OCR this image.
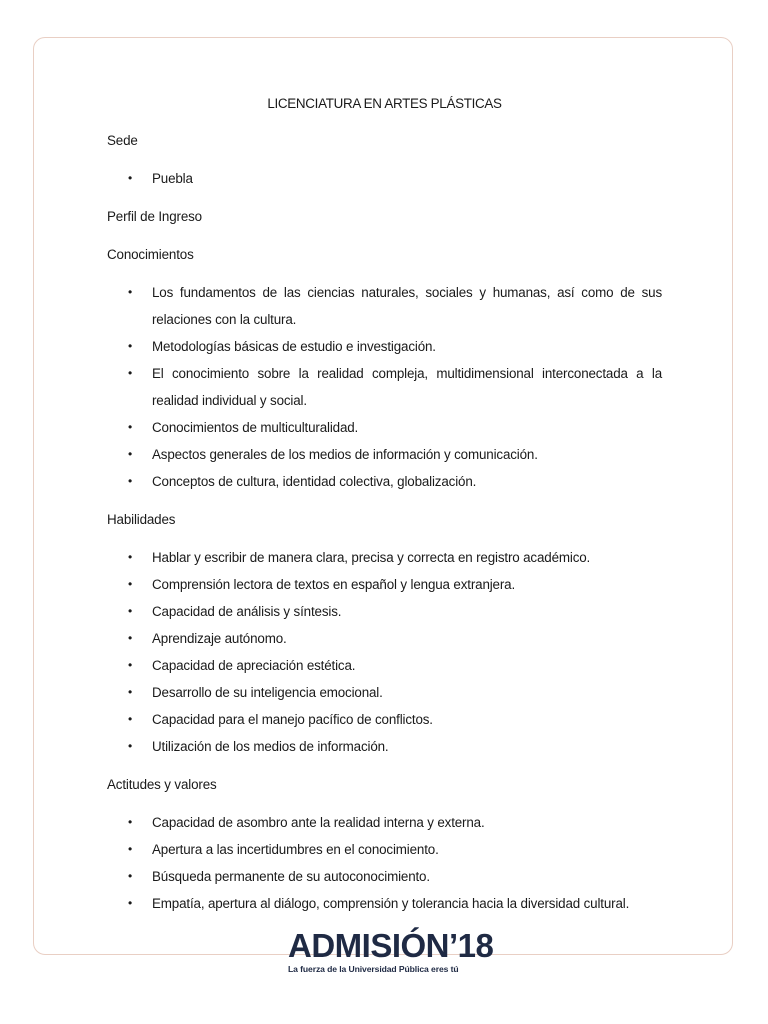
LICENCIATURA EN ARTES PLÁSTICAS
Sede
• Puebla
Perfil de Ingreso
Conocimientos
• Los fundamentos de las ciencias naturales, sociales y humanas, así como de sus relaciones con la cultura.
• Metodologías básicas de estudio e investigación.
• El conocimiento sobre la realidad compleja, multidimensional interconectada a la realidad individual y social.
• Conocimientos de multiculturalidad.
• Aspectos generales de los medios de información y comunicación.
• Conceptos de cultura, identidad colectiva, globalización.
Habilidades
• Hablar y escribir de manera clara, precisa y correcta en registro académico.
• Comprensión lectora de textos en español y lengua extranjera.
• Capacidad de análisis y síntesis.
• Aprendizaje autónomo.
• Capacidad de apreciación estética.
• Desarrollo de su inteligencia emocional.
• Capacidad para el manejo pacífico de conflictos.
• Utilización de los medios de información.
Actitudes y valores
• Capacidad de asombro ante la realidad interna y externa.
• Apertura a las incertidumbres en el conocimiento.
• Búsqueda permanente de su autoconocimiento.
• Empatía, apertura al diálogo, comprensión y tolerancia hacia la diversidad cultural.
ADMISIÓN’18
La fuerza de la Universidad Pública eres tú
